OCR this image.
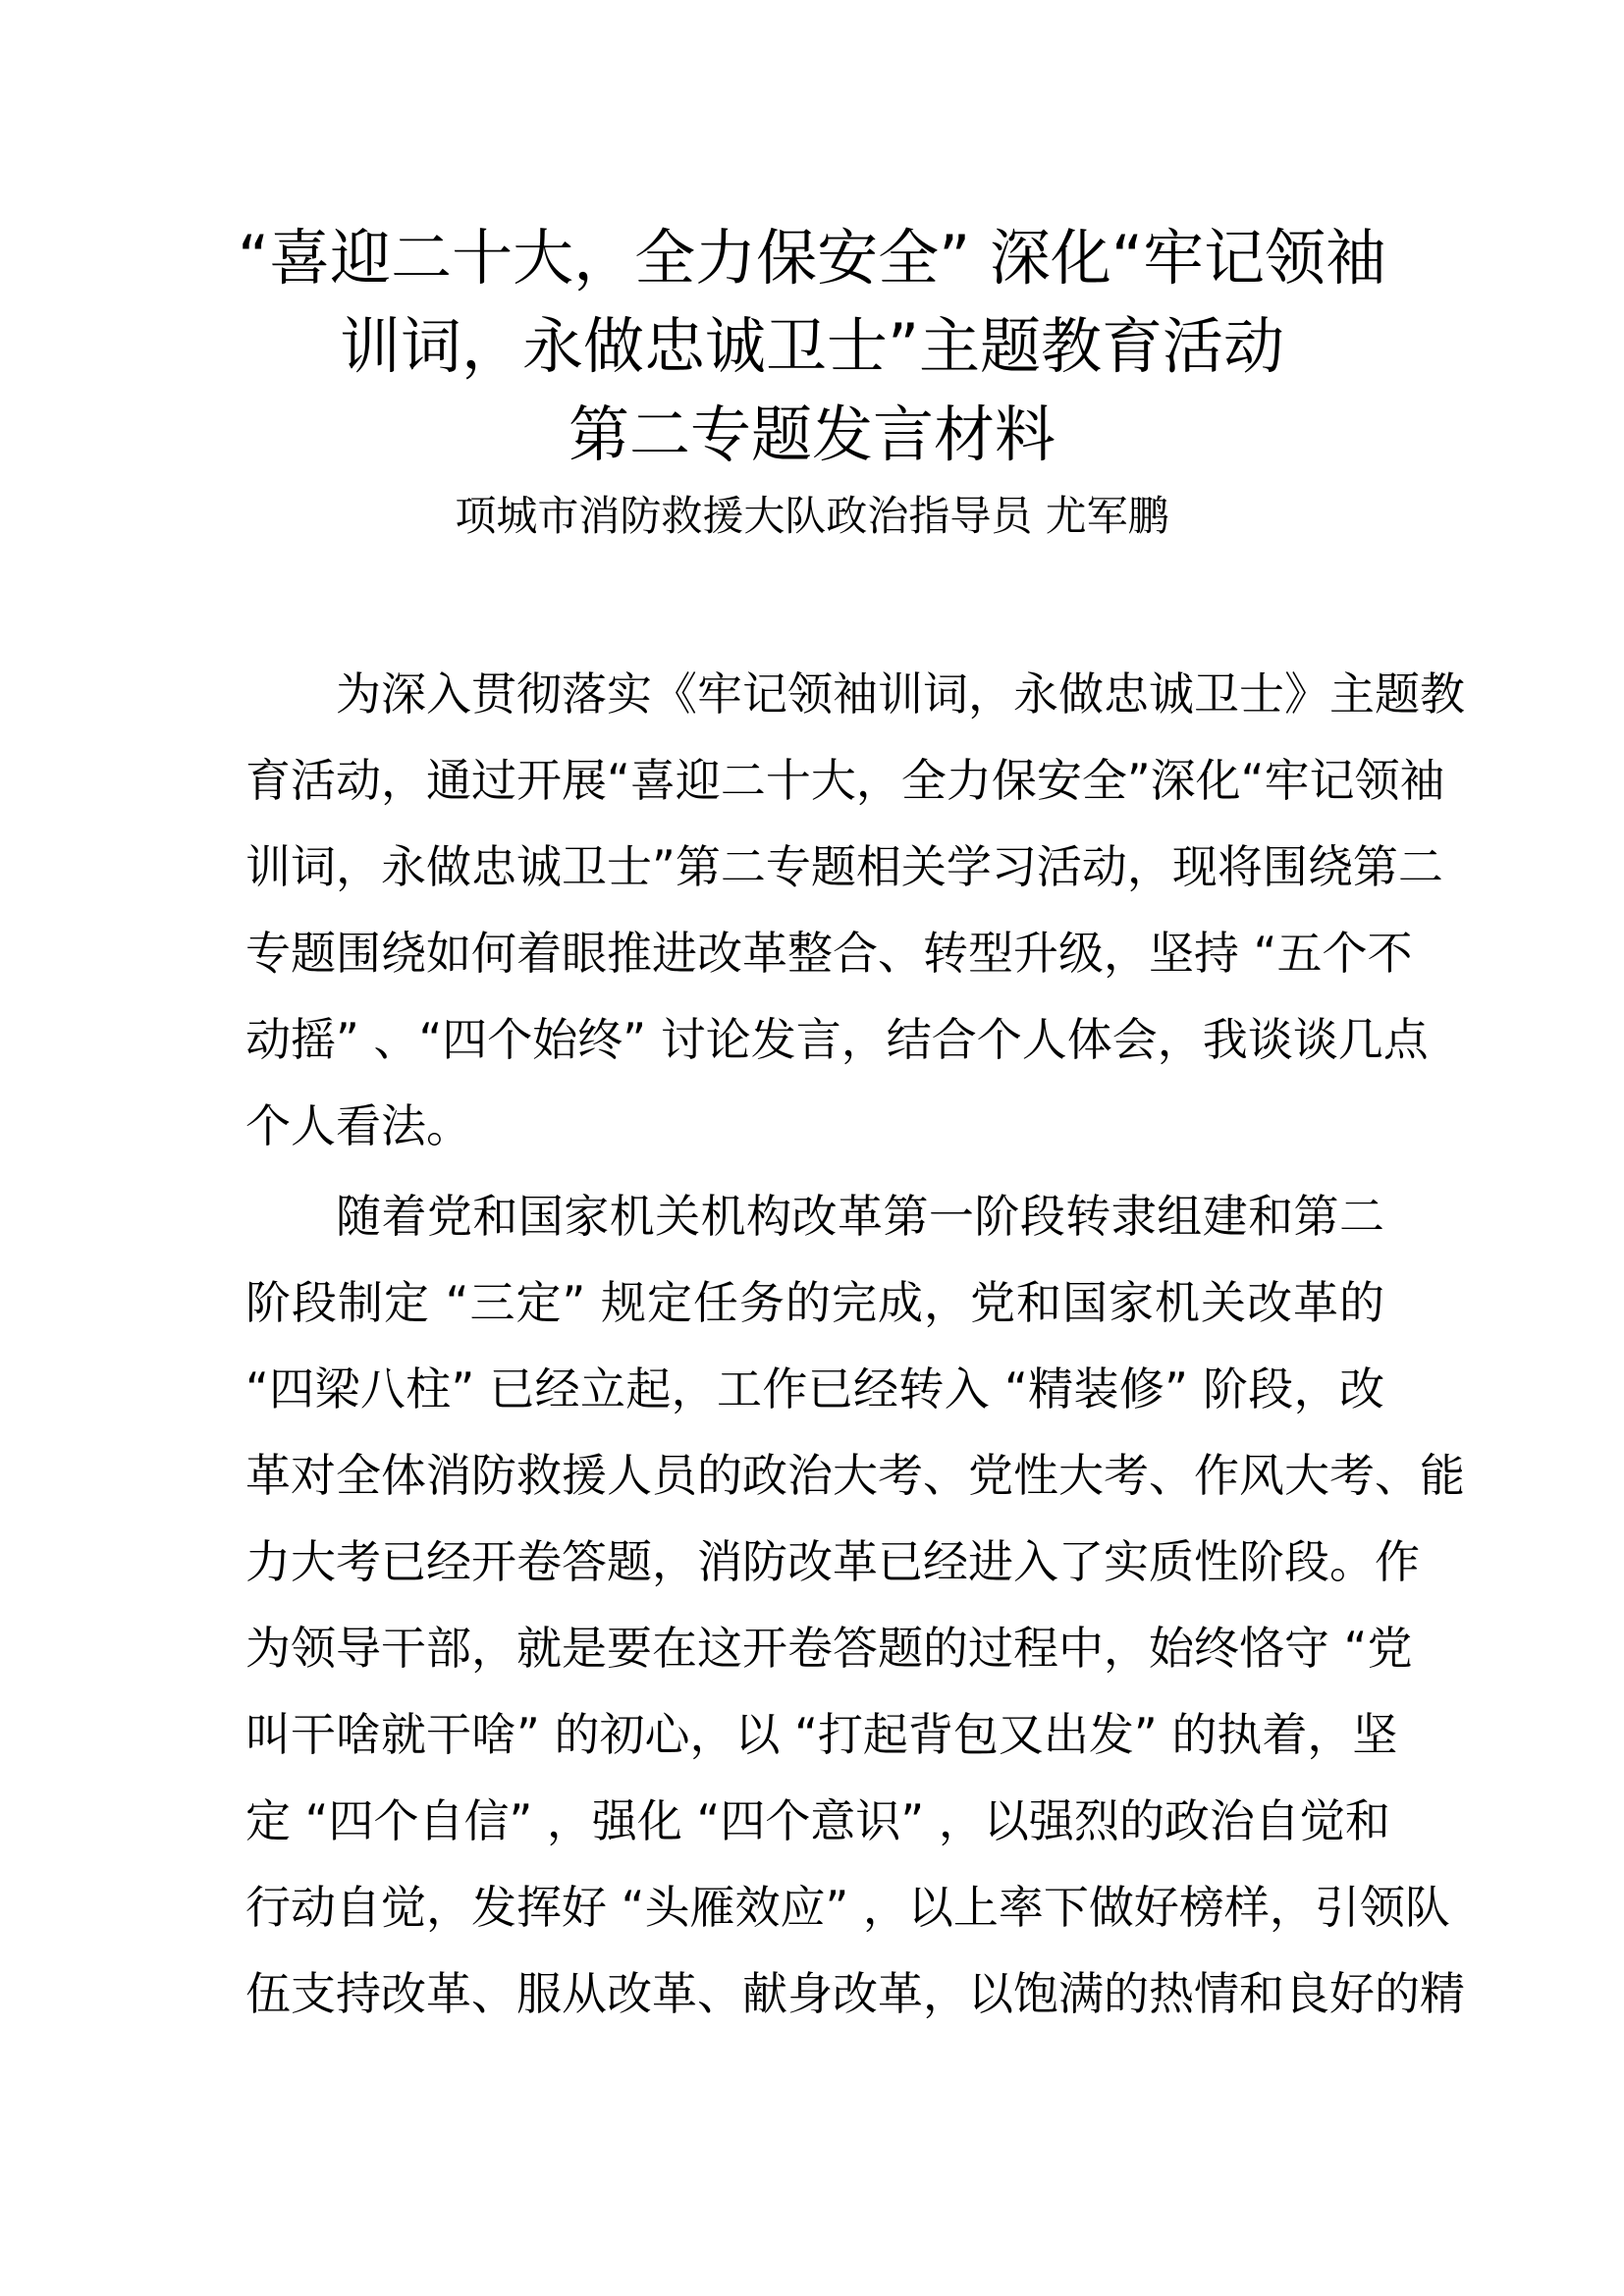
“喜迎二十大，全力保安全” 深化“牢记领袖
训词，永做忠诚卫士”主题教育活动
第二专题发言材料
项城市消防救援大队政治指导员 尤军鹏
为深入贯彻落实《牢记领袖训词，永做忠诚卫士》主题教
育活动，通过开展“喜迎二十大，全力保安全”深化“牢记领袖
训词，永做忠诚卫士”第二专题相关学习活动，现将围绕第二
专题围绕如何着眼推进改革整合、转型升级，坚持 “五个不
动摇” 、“四个始终” 讨论发言，结合个人体会，我谈谈几点
个人看法。
随着党和国家机关机构改革第一阶段转隶组建和第二
阶段制定 “三定” 规定任务的完成，党和国家机关改革的
“四梁八柱” 已经立起，工作已经转入 “精装修” 阶段，改
革对全体消防救援人员的政治大考、党性大考、作风大考、能
力大考已经开卷答题，消防改革已经进入了实质性阶段。作
为领导干部，就是要在这开卷答题的过程中，始终恪守 “党
叫干啥就干啥” 的初心，以 “打起背包又出发” 的执着，坚
定 “四个自信” ，强化 “四个意识” ，以强烈的政治自觉和
行动自觉，发挥好 “头雁效应” ，以上率下做好榜样，引领队
伍支持改革、服从改革、献身改革，以饱满的热情和良好的精
